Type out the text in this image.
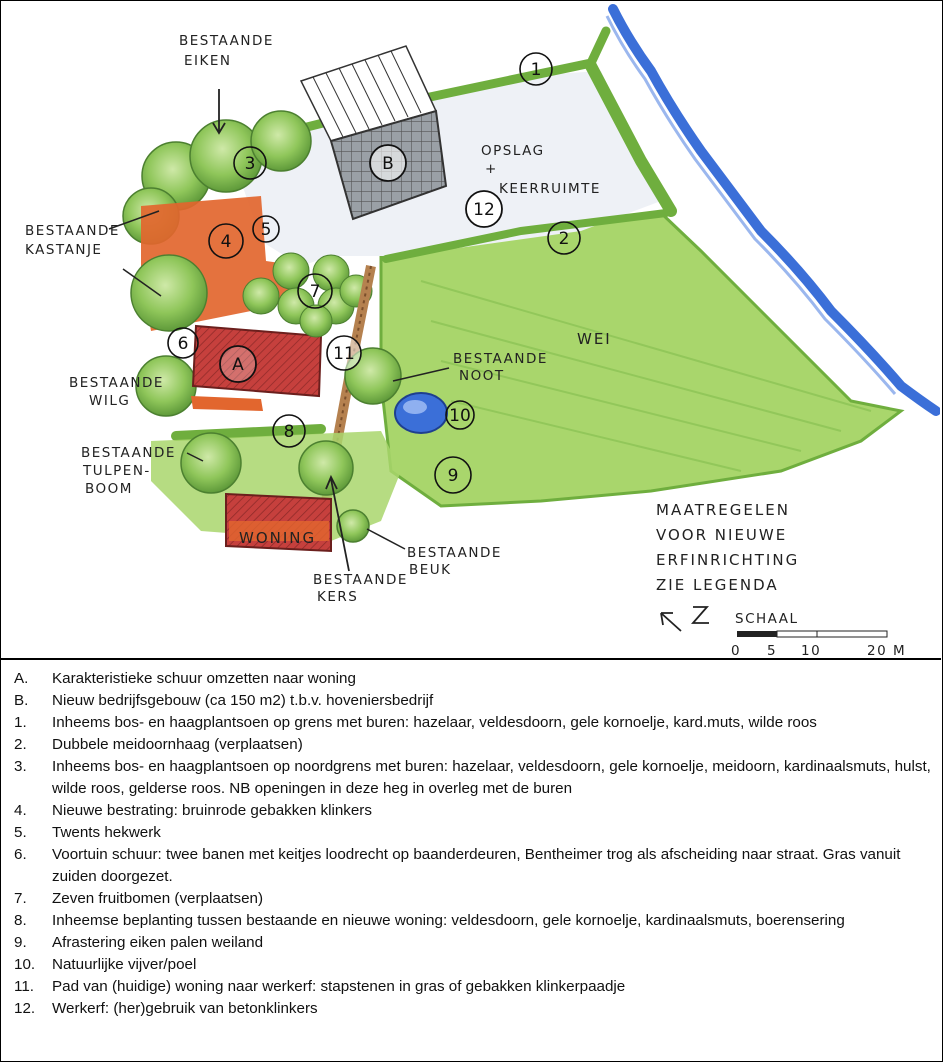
BESTAANDE
EIKEN
BESTAANDE
KASTANJE
BESTAANDE
WILG
BESTAANDE
TULPEN-
BOOM
BESTAANDE
KERS
BESTAANDE
BEUK
BESTAANDE
NOOT
OPSLAG
+
KEERRUIMTE
WEI
WONING
MAATREGELEN
VOOR NIEUWE
ERFINRICHTING
ZIE LEGENDA
SCHAAL
0 5 10	20 M
A
B
1
2
3
4
5
6
7
8
9
10
11
12
A. Karakteristieke schuur omzetten naar woning
B. Nieuw bedrijfsgebouw (ca 150 m2) t.b.v. hoveniersbedrijf
1. Inheems bos- en haagplantsoen op grens met buren: hazelaar, veldesdoorn, gele kornoelje, kard.muts, wilde roos
2. Dubbele meidoornhaag (verplaatsen)
3. Inheems bos- en haagplantsoen op noordgrens met buren: hazelaar, veldesdoorn, gele kornoelje, meidoorn, kardinaalsmuts, hulst, wilde roos, gelderse roos. NB openingen in deze heg in overleg met de buren
4. Nieuwe bestrating: bruinrode gebakken klinkers
5. Twents hekwerk
6. Voortuin schuur: twee banen met keitjes loodrecht op baanderdeuren, Bentheimer trog als afscheiding naar straat. Gras vanuit zuiden doorgezet.
7. Zeven fruitbomen (verplaatsen)
8. Inheemse beplanting tussen bestaande en nieuwe woning: veldesdoorn, gele kornoelje, kardinaalsmuts, boerensering
9. Afrastering eiken palen weiland
10. Natuurlijke vijver/poel
11. Pad van (huidige) woning naar werkerf: stapstenen in gras of gebakken klinkerpaadje
12. Werkerf: (her)gebruik van betonklinkers
